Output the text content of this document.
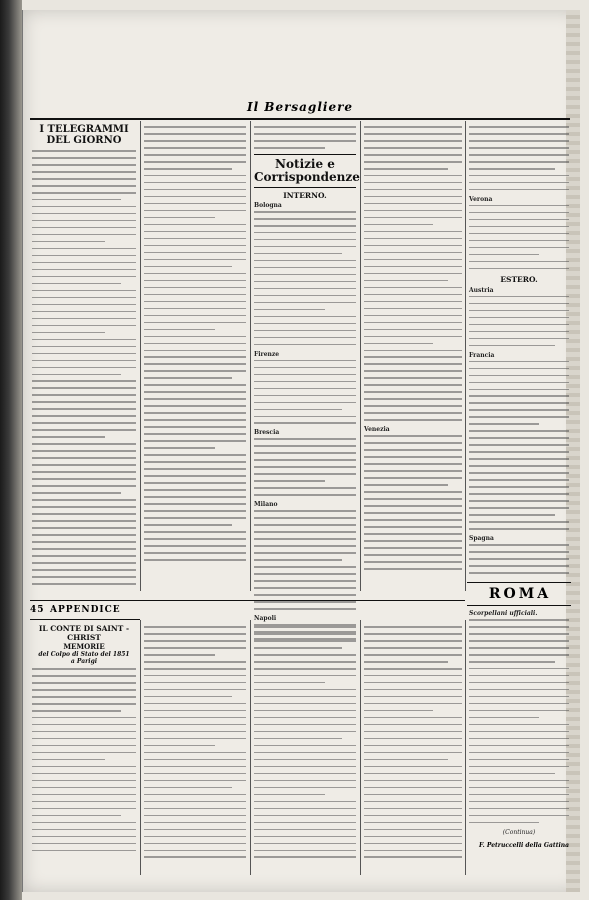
Il Bersagliere
I TELEGRAMMI DEL GIORNO
Notizie e Corrispondenze
INTERNO.
Bologna
Firenze
Brescia
Milano
Napoli
Venezia
Verona
ESTERO.
Austria
Francia
Spagna
45 APPENDICE
ROMA
IL CONTE DI SAINT - CHRIST
MEMORIE
del Colpo di Stato del 1851
a Parigi
Scorpellani ufficiali.
(Continua)
F. Petruccelli della Gattina
